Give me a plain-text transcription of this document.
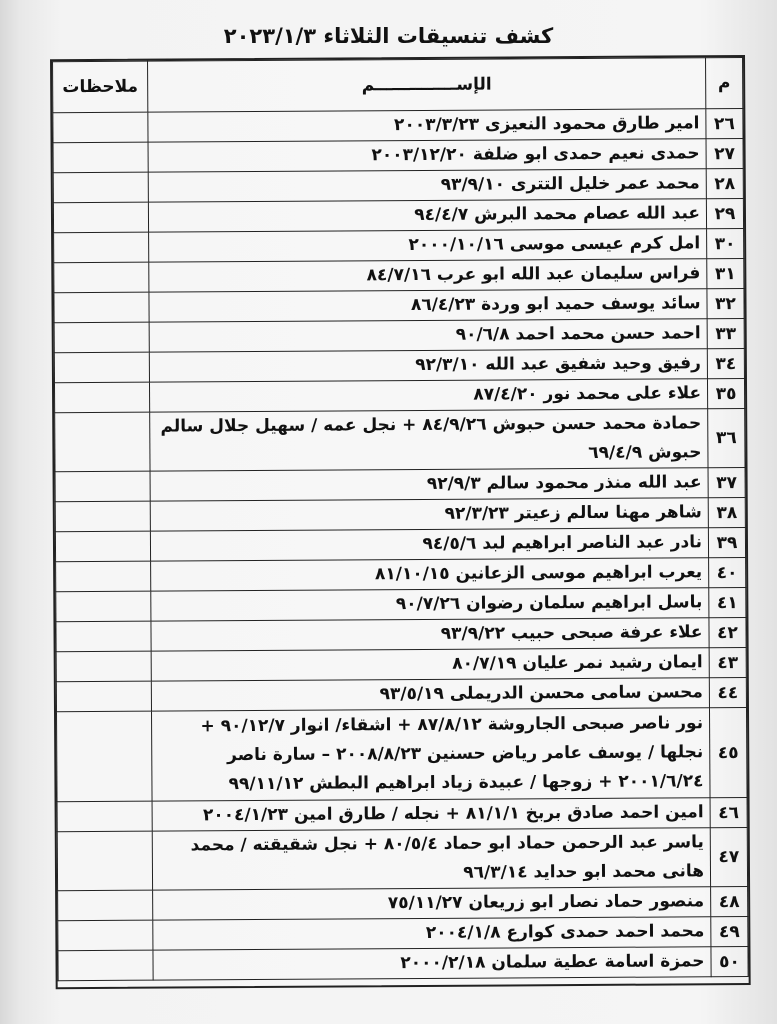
كشف تنسيقات الثلاثاء ٢٠٢٣/١/٣
م	الإســــــــــــــم	ملاحظات
٢٦	امير طارق محمود النعيزى ٢٠٠٣/٣/٢٣	
٢٧	حمدى نعيم حمدى ابو ضلفة ٢٠٠٣/١٢/٢٠	
٢٨	محمد عمر خليل التترى ٩٣/٩/١٠	
٢٩	عبد الله عصام محمد البرش ٩٤/٤/٧	
٣٠	امل كرم عيسى موسى ٢٠٠٠/١٠/١٦	
٣١	فراس سليمان عبد الله ابو عرب ٨٤/٧/١٦	
٣٢	سائد يوسف حميد ابو وردة ٨٦/٤/٢٣	
٣٣	احمد حسن محمد احمد ٩٠/٦/٨	
٣٤	رفيق وحيد شفيق عبد الله ٩٢/٣/١٠	
٣٥	علاء على محمد نور ٨٧/٤/٢٠	
٣٦	حمادة محمد حسن حبوش ٨٤/٩/٢٦ + نجل عمه / سهيل جلال سالم حبوش ٦٩/٤/٩	
٣٧	عبد الله منذر محمود سالم ٩٢/٩/٣	
٣٨	شاهر مهنا سالم زعيتر ٩٢/٣/٢٣	
٣٩	نادر عبد الناصر ابراهيم لبد ٩٤/٥/٦	
٤٠	يعرب ابراهيم موسى الزعانين ٨١/١٠/١٥	
٤١	باسل ابراهيم سلمان رضوان ٩٠/٧/٢٦	
٤٢	علاء عرفة صبحى حبيب ٩٣/٩/٢٢	
٤٣	ايمان رشيد نمر عليان ٨٠/٧/١٩	
٤٤	محسن سامى محسن الدريملى ٩٣/٥/١٩	
٤٥	نور ناصر صبحى الجاروشة ٨٧/٨/١٢ + اشقاء/ انوار ٩٠/١٢/٧ + نجلها / يوسف عامر رياض حسنين ٢٠٠٨/٨/٢٣ – سارة ناصر ٢٠٠١/٦/٢٤ + زوجها / عبيدة زياد ابراهيم البطش ٩٩/١١/١٢	
٤٦	امين احمد صادق بربخ ٨١/١/١ + نجله / طارق امين ٢٠٠٤/١/٢٣	
٤٧	ياسر عبد الرحمن حماد ابو حماد ٨٠/٥/٤ + نجل شقيقته / محمد هانى محمد ابو حدايد ٩٦/٣/١٤	
٤٨	منصور حماد نصار ابو زريعان ٧٥/١١/٢٧	
٤٩	محمد احمد حمدى كوارع ٢٠٠٤/١/٨	
٥٠	حمزة اسامة عطية سلمان ٢٠٠٠/٢/١٨	
